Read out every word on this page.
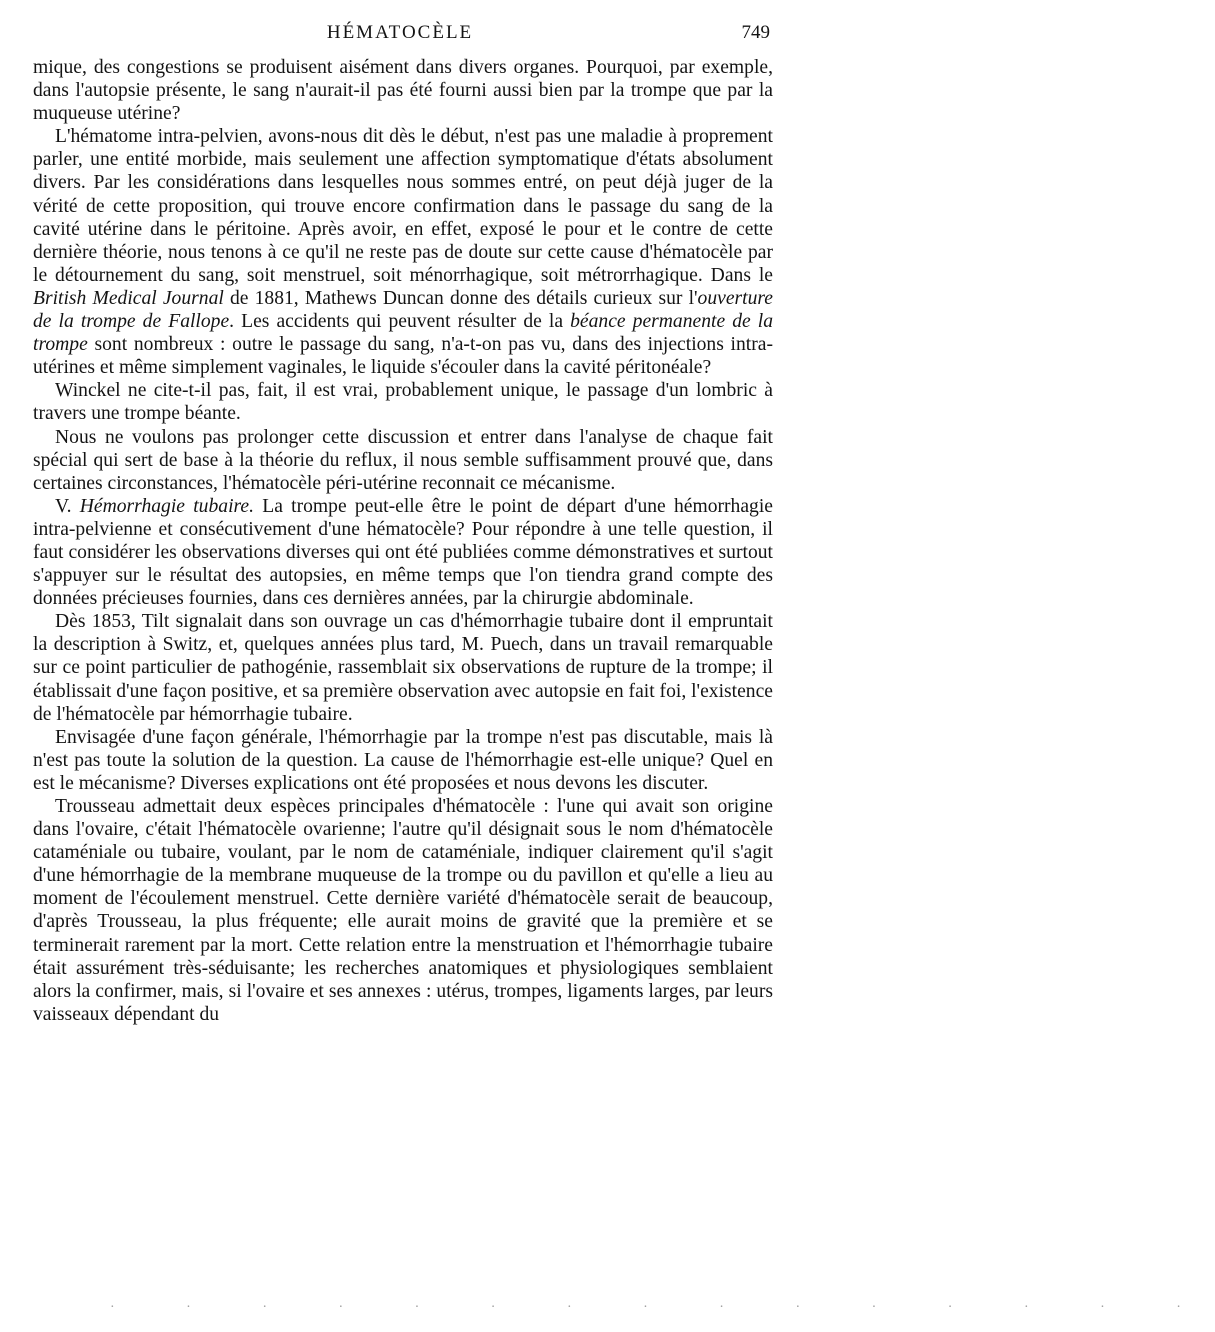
HÉMATOCÈLE	749

mique, des congestions se produisent aisément dans divers organes. Pourquoi, par exemple, dans l'autopsie présente, le sang n'aurait-il pas été fourni aussi bien par la trompe que par la muqueuse utérine?

L'hématome intra-pelvien, avons-nous dit dès le début, n'est pas une maladie à proprement parler, une entité morbide, mais seulement une affection symptomatique d'états absolument divers. Par les considérations dans lesquelles nous sommes entré, on peut déjà juger de la vérité de cette proposition, qui trouve encore confirmation dans le passage du sang de la cavité utérine dans le péritoine. Après avoir, en effet, exposé le pour et le contre de cette dernière théorie, nous tenons à ce qu'il ne reste pas de doute sur cette cause d'hématocèle par le détournement du sang, soit menstruel, soit ménorrhagique, soit métrorrhagique. Dans le British Medical Journal de 1881, Mathews Duncan donne des détails curieux sur l'ouverture de la trompe de Fallope. Les accidents qui peuvent résulter de la béance permanente de la trompe sont nombreux : outre le passage du sang, n'a-t-on pas vu, dans des injections intra-utérines et même simplement vaginales, le liquide s'écouler dans la cavité péritonéale?

Winckel ne cite-t-il pas, fait, il est vrai, probablement unique, le passage d'un lombric à travers une trompe béante.

Nous ne voulons pas prolonger cette discussion et entrer dans l'analyse de chaque fait spécial qui sert de base à la théorie du reflux, il nous semble suffisamment prouvé que, dans certaines circonstances, l'hématocèle péri-utérine reconnait ce mécanisme.

V. Hémorrhagie tubaire. La trompe peut-elle être le point de départ d'une hémorrhagie intra-pelvienne et consécutivement d'une hématocèle? Pour répondre à une telle question, il faut considérer les observations diverses qui ont été publiées comme démonstratives et surtout s'appuyer sur le résultat des autopsies, en même temps que l'on tiendra grand compte des données précieuses fournies, dans ces dernières années, par la chirurgie abdominale.

Dès 1853, Tilt signalait dans son ouvrage un cas d'hémorrhagie tubaire dont il empruntait la description à Switz, et, quelques années plus tard, M. Puech, dans un travail remarquable sur ce point particulier de pathogénie, rassemblait six observations de rupture de la trompe; il établissait d'une façon positive, et sa première observation avec autopsie en fait foi, l'existence de l'hématocèle par hémorrhagie tubaire.

Envisagée d'une façon générale, l'hémorrhagie par la trompe n'est pas discutable, mais là n'est pas toute la solution de la question. La cause de l'hémorrhagie est-elle unique? Quel en est le mécanisme? Diverses explications ont été proposées et nous devons les discuter.

Trousseau admettait deux espèces principales d'hématocèle : l'une qui avait son origine dans l'ovaire, c'était l'hématocèle ovarienne; l'autre qu'il désignait sous le nom d'hématocèle cataméniale ou tubaire, voulant, par le nom de cataméniale, indiquer clairement qu'il s'agit d'une hémorrhagie de la membrane muqueuse de la trompe ou du pavillon et qu'elle a lieu au moment de l'écoulement menstruel. Cette dernière variété d'hématocèle serait de beaucoup, d'après Trousseau, la plus fréquente; elle aurait moins de gravité que la première et se terminerait rarement par la mort. Cette relation entre la menstruation et l'hémorrhagie tubaire était assurément très-séduisante; les recherches anatomiques et physiologiques semblaient alors la confirmer, mais, si l'ovaire et ses annexes : utérus, trompes, ligaments larges, par leurs vaisseaux dépendant du

· · · · · · · · · · · · · · ·
